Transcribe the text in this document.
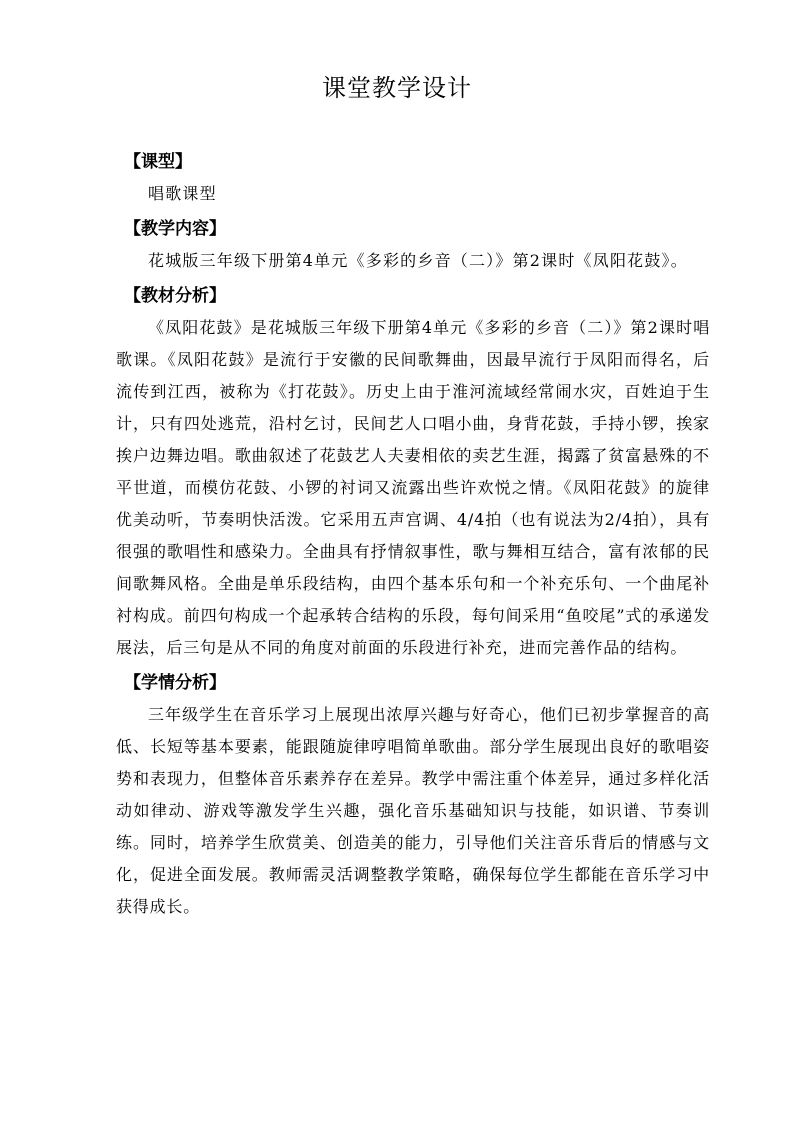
课堂教学设计
【课型】

唱歌课型

【教学内容】

花城版三年级下册第4单元《多彩的乡音（二）》第2课时《凤阳花鼓》。

【教材分析】

《凤阳花鼓》是花城版三年级下册第4单元《多彩的乡音（二）》第2课时唱歌课。《凤阳花鼓》是流行于安徽的民间歌舞曲，因最早流行于凤阳而得名，后流传到江西，被称为《打花鼓》。历史上由于淮河流域经常闹水灾，百姓迫于生计，只有四处逃荒，沿村乞讨，民间艺人口唱小曲，身背花鼓，手持小锣，挨家挨户边舞边唱。歌曲叙述了花鼓艺人夫妻相依的卖艺生涯，揭露了贫富悬殊的不平世道，而模仿花鼓、小锣的衬词又流露出些许欢悦之情。《凤阳花鼓》的旋律优美动听，节奏明快活泼。它采用五声宫调、4/4拍（也有说法为2/4拍），具有很强的歌唱性和感染力。全曲具有抒情叙事性，歌与舞相互结合，富有浓郁的民间歌舞风格。全曲是单乐段结构，由四个基本乐句和一个补充乐句、一个曲尾补衬构成。前四句构成一个起承转合结构的乐段，每句间采用“鱼咬尾”式的承递发展法，后三句是从不同的角度对前面的乐段进行补充，进而完善作品的结构。

【学情分析】

三年级学生在音乐学习上展现出浓厚兴趣与好奇心，他们已初步掌握音的高低、长短等基本要素，能跟随旋律哼唱简单歌曲。部分学生展现出良好的歌唱姿势和表现力，但整体音乐素养存在差异。教学中需注重个体差异，通过多样化活动如律动、游戏等激发学生兴趣，强化音乐基础知识与技能，如识谱、节奏训练。同时，培养学生欣赏美、创造美的能力，引导他们关注音乐背后的情感与文化，促进全面发展。教师需灵活调整教学策略，确保每位学生都能在音乐学习中获得成长。
